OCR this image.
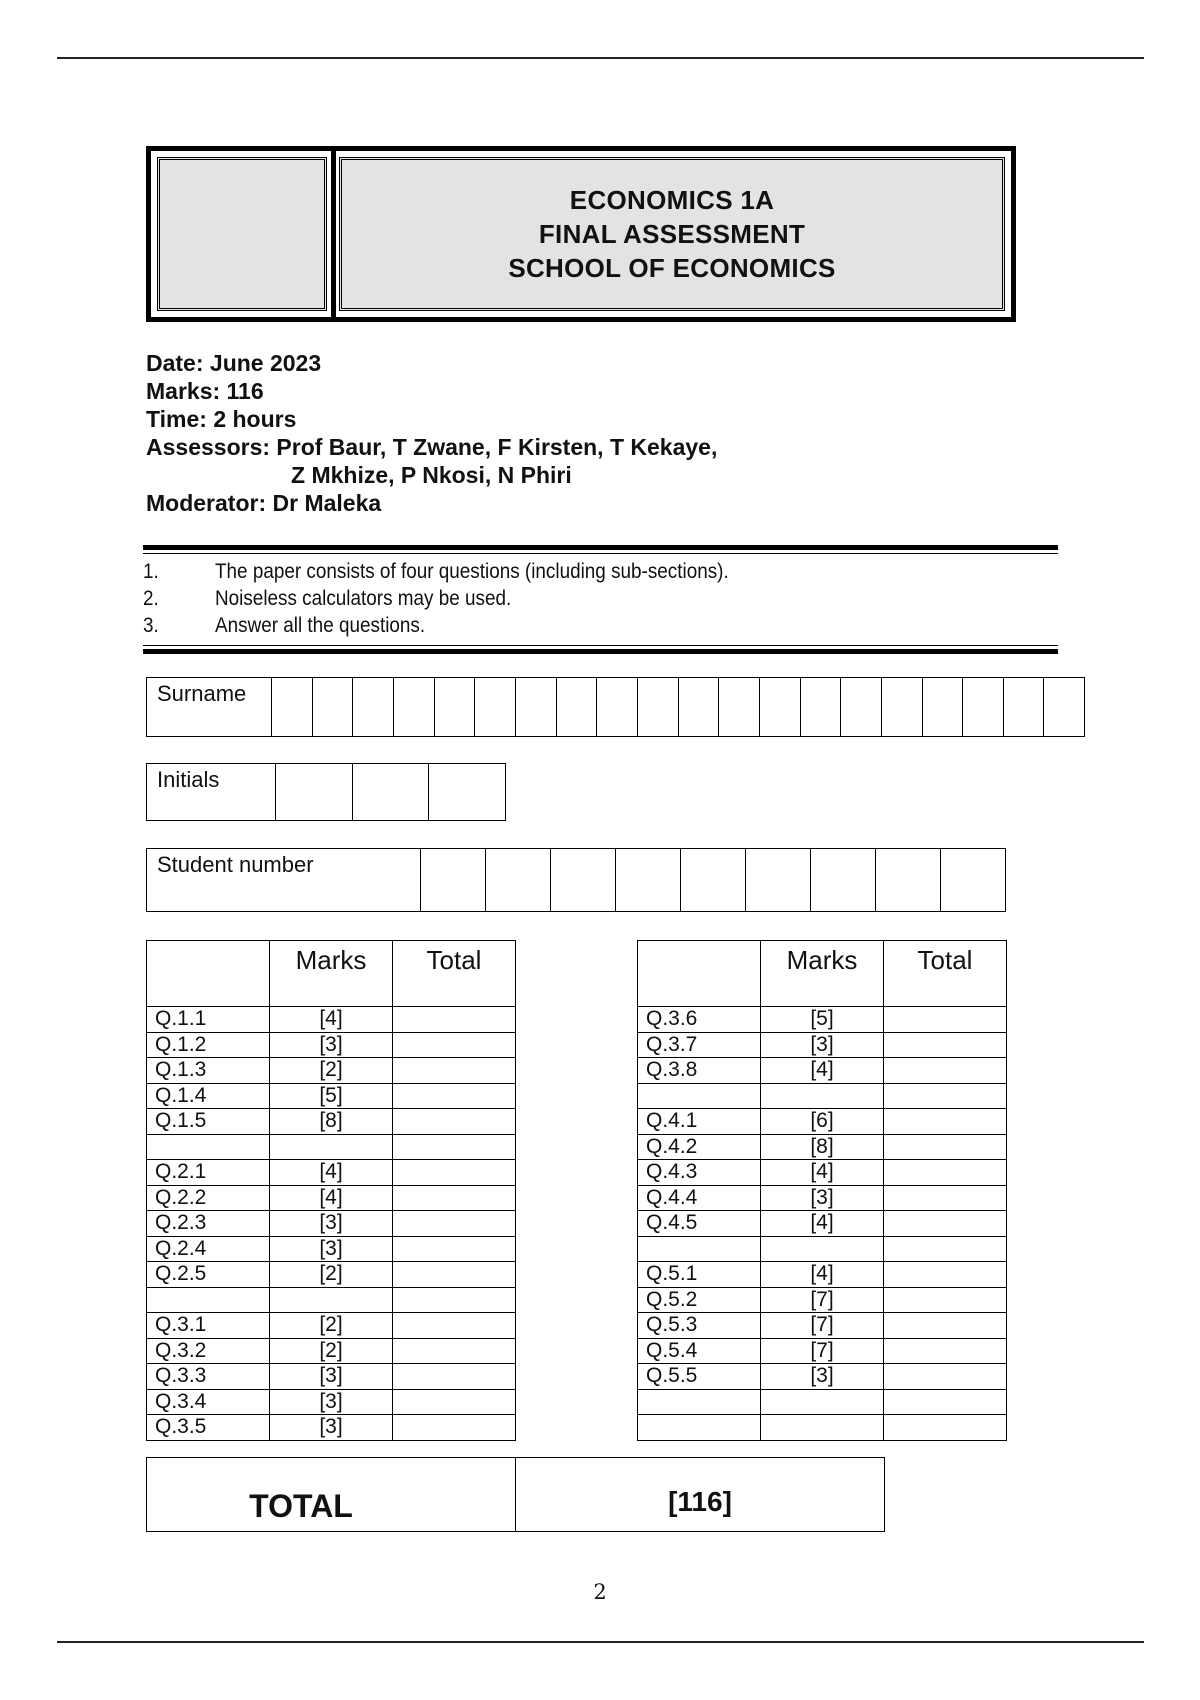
ECONOMICS 1A
FINAL ASSESSMENT
SCHOOL OF ECONOMICS
Date: June 2023
Marks: 116
Time: 2 hours
Assessors: Prof Baur, T Zwane, F Kirsten, T Kekaye,
Z Mkhize, P Nkosi, N Phiri
Moderator: Dr Maleka
1.	The paper consists of four questions (including sub-sections).
2.	Noiseless calculators may be used.
3.	Answer all the questions.
Surname
Initials
Student number
	Marks	Total
Q.1.1	[4]	
Q.1.2	[3]	
Q.1.3	[2]	
Q.1.4	[5]	
Q.1.5	[8]	

Q.2.1	[4]	
Q.2.2	[4]	
Q.2.3	[3]	
Q.2.4	[3]	
Q.2.5	[2]	

Q.3.1	[2]	
Q.3.2	[2]	
Q.3.3	[3]	
Q.3.4	[3]	
Q.3.5	[3]	
	Marks	Total
Q.3.6	[5]	
Q.3.7	[3]	
Q.3.8	[4]	

Q.4.1	[6]	
Q.4.2	[8]	
Q.4.3	[4]	
Q.4.4	[3]	
Q.4.5	[4]	

Q.5.1	[4]	
Q.5.2	[7]	
Q.5.3	[7]	
Q.5.4	[7]	
Q.5.5	[3]	

TOTAL	[116]
2
